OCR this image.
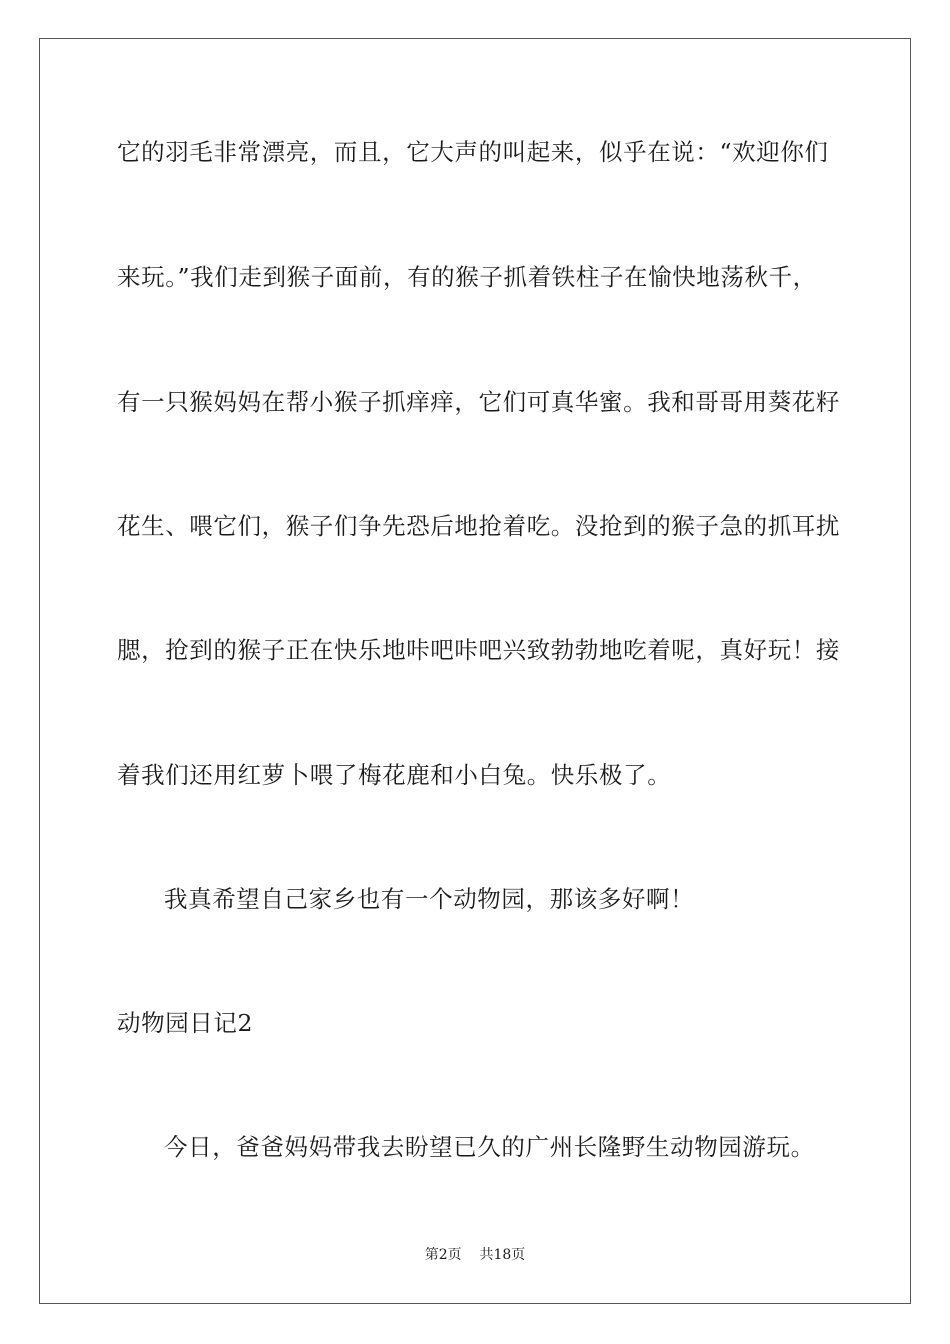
它的羽毛非常漂亮，而且，它大声的叫起来，似乎在说：“欢迎你们
来玩。”我们走到猴子面前，有的猴子抓着铁柱子在愉快地荡秋千，
有一只猴妈妈在帮小猴子抓痒痒，它们可真华蜜。我和哥哥用葵花籽
花生、喂它们，猴子们争先恐后地抢着吃。没抢到的猴子急的抓耳扰
腮，抢到的猴子正在快乐地咔吧咔吧兴致勃勃地吃着呢，真好玩！接
着我们还用红萝卜喂了梅花鹿和小白兔。快乐极了。
我真希望自己家乡也有一个动物园，那该多好啊！
动物园日记2
今日，爸爸妈妈带我去盼望已久的广州长隆野生动物园游玩。
第2页 共18页
